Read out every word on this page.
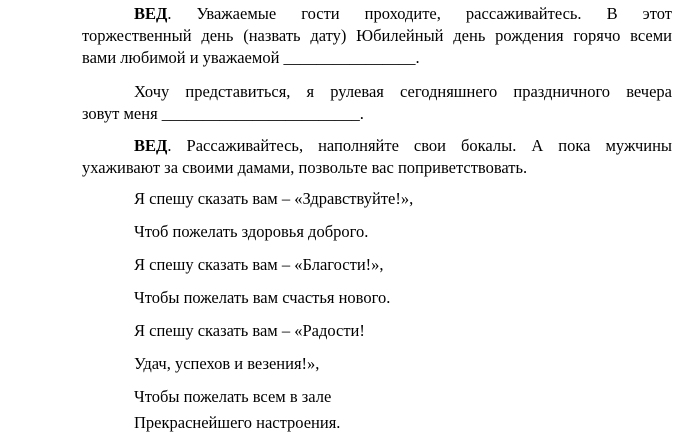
ВЕД. Уважаемые гости проходите, рассаживайтесь. В этот
торжественный день (назвать дату) Юбилейный день рождения горячо всеми
вами любимой и уважаемой ________________.
Хочу представиться, я рулевая сегодняшнего праздничного вечера
зовут меня ________________________.
ВЕД. Рассаживайтесь, наполняйте свои бокалы. А пока мужчины
ухаживают за своими дамами, позвольте вас поприветствовать.
Я спешу сказать вам – «Здравствуйте!»,
Чтоб пожелать здоровья доброго.
Я спешу сказать вам – «Благости!»,
Чтобы пожелать вам счастья нового.
Я спешу сказать вам – «Радости!
Удач, успехов и везения!»,
Чтобы пожелать всем в зале
Прекраснейшего настроения.
